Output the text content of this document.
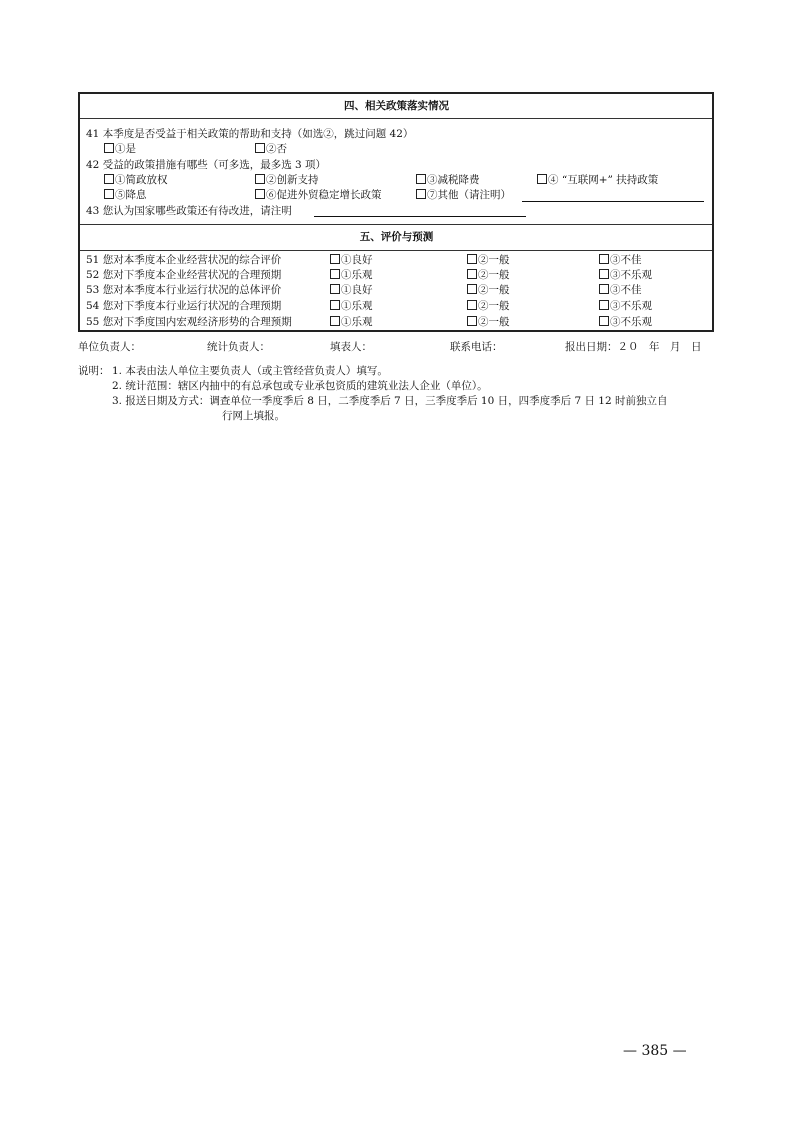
四、相关政策落实情况
41 本季度是否受益于相关政策的帮助和支持（如选②，跳过问题 42）
①是	②否
42 受益的政策措施有哪些（可多选，最多选 3 项）
①简政放权	②创新支持	③减税降费	④ “互联网+” 扶持政策
⑤降息	⑥促进外贸稳定增长政策	⑦其他（请注明）
43 您认为国家哪些政策还有待改进，请注明
五、评价与预测
51 您对本季度本企业经营状况的综合评价	①良好	②一般	③不佳
52 您对下季度本企业经营状况的合理预期	①乐观	②一般	③不乐观
53 您对本季度本行业运行状况的总体评价	①良好	②一般	③不佳
54 您对下季度本行业运行状况的合理预期	①乐观	②一般	③不乐观
55 您对下季度国内宏观经济形势的合理预期	①乐观	②一般	③不乐观
单位负责人：	统计负责人：	填表人：	联系电话：	报出日期：２０　年　月　日
说明： 1. 本表由法人单位主要负责人（或主管经营负责人）填写。
2. 统计范围：辖区内抽中的有总承包或专业承包资质的建筑业法人企业（单位）。
3. 报送日期及方式：调查单位一季度季后 8 日，二季度季后 7 日，三季度季后 10 日，四季度季后 7 日 12 时前独立自
行网上填报。
— 385 —
